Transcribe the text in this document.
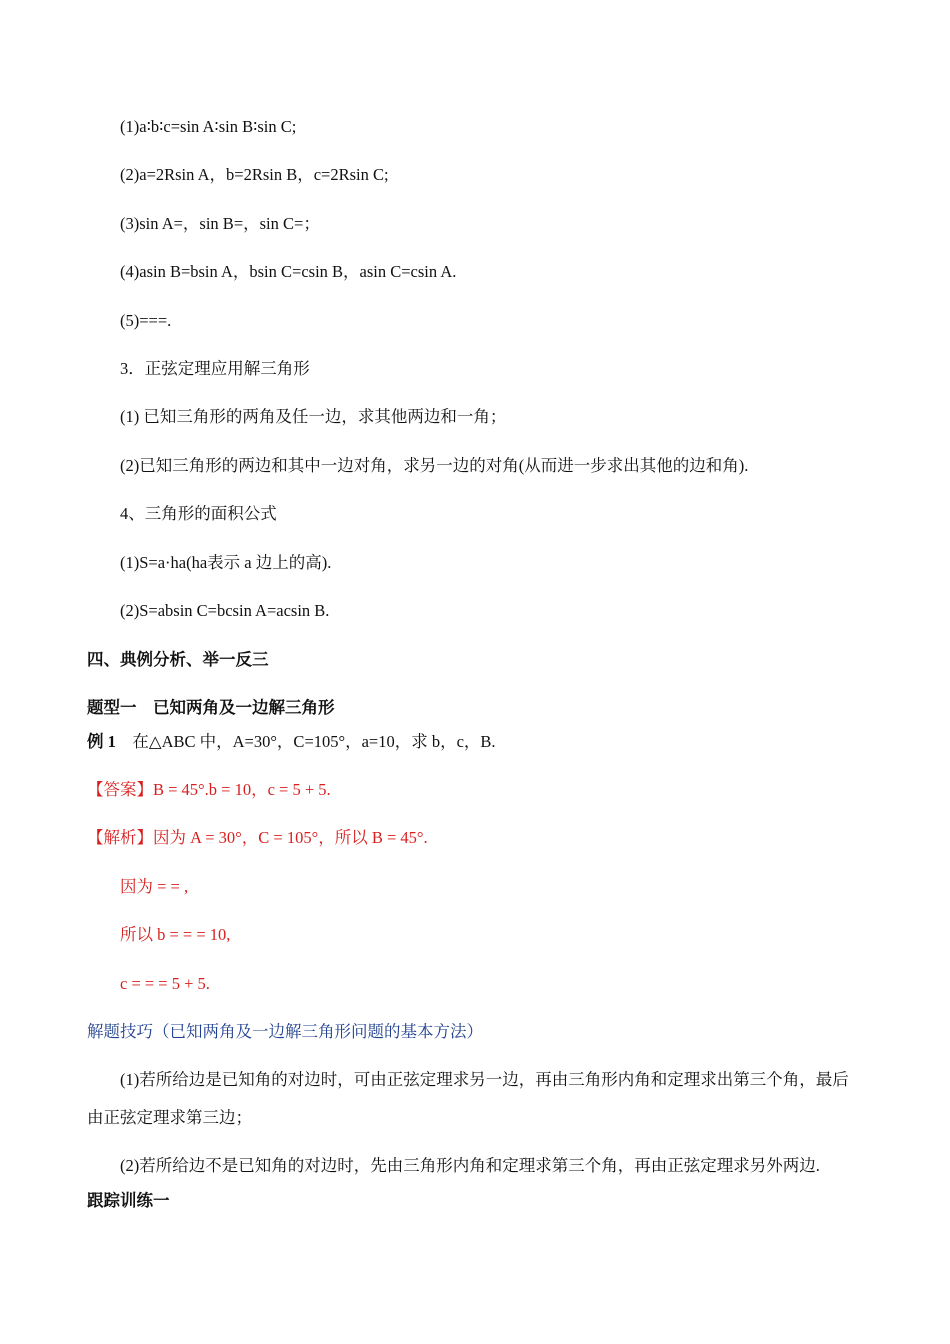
(1)a∶b∶c=sin A∶sin B∶sin C;
(2)a=2Rsin A，b=2Rsin B，c=2Rsin C;
(3)sin A=，sin B=，sin C=；
(4)asin B=bsin A，bsin C=csin B，asin C=csin A.
(5)===.
3．正弦定理应用解三角形
(1) 已知三角形的两角及任一边，求其他两边和一角；
(2)已知三角形的两边和其中一边对角，求另一边的对角(从而进一步求出其他的边和角).
4、三角形的面积公式
(1)S=a·ha(ha表示 a 边上的高).
(2)S=absin C=bcsin A=acsin B.
四、典例分析、举一反三
题型一　已知两角及一边解三角形
例 1　 在△ABC 中，A=30°，C=105°，a=10，求 b，c，B.
【答案】B = 45°.b = 10，c = 5 + 5.
【解析】因为 A = 30°，C = 105°，所以 B = 45°.
因为 = = ,
所以 b = = = 10,
c = = = 5 + 5.
解题技巧（已知两角及一边解三角形问题的基本方法）
(1)若所给边是已知角的对边时，可由正弦定理求另一边，再由三角形内角和定理求出第三个角，最后
由正弦定理求第三边；
(2)若所给边不是已知角的对边时，先由三角形内角和定理求第三个角，再由正弦定理求另外两边.
跟踪训练一
